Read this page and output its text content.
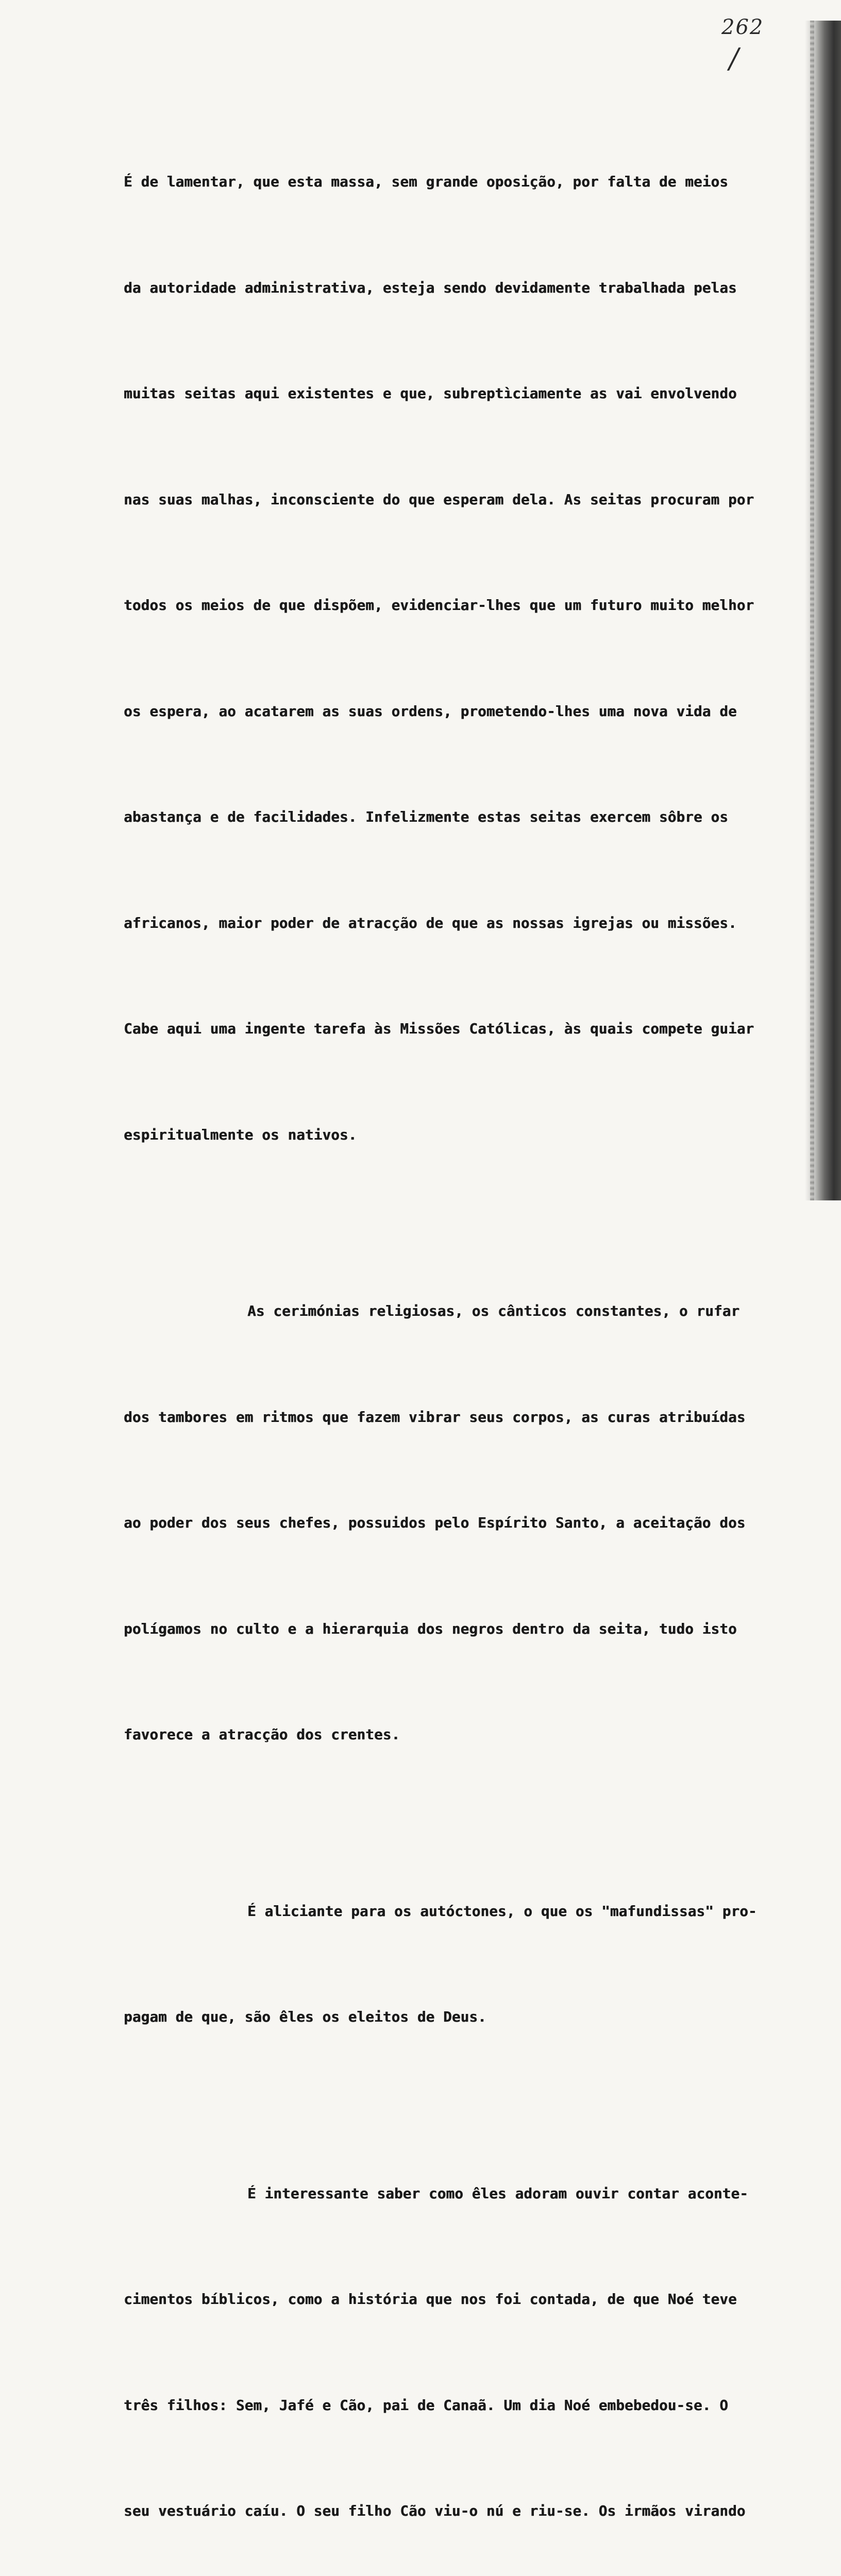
262
/

É de lamentar, que esta massa, sem grande oposição, por falta de meios

da autoridade administrativa, esteja sendo devidamente trabalhada pelas

muitas seitas aqui existentes e que, subreptìciamente as vai envolvendo

nas suas malhas, inconsciente do que esperam dela. As seitas procuram por

todos os meios de que dispõem, evidenciar-lhes que um futuro muito melhor

os espera, ao acatarem as suas ordens, prometendo-lhes uma nova vida de

abastança e de facilidades. Infelizmente estas seitas exercem sôbre os

africanos, maior poder de atracção de que as nossas igrejas ou missões.

Cabe aqui uma ingente tarefa às Missões Católicas, às quais compete guiar

espiritualmente os nativos.

As cerimónias religiosas, os cânticos constantes, o rufar

dos tambores em ritmos que fazem vibrar seus corpos, as curas atribuídas

ao poder dos seus chefes, possuidos pelo Espírito Santo, a aceitação dos

polígamos no culto e a hierarquia dos negros dentro da seita, tudo isto

favorece a atracção dos crentes.

É aliciante para os autóctones, o que os "mafundissas" pro-

pagam de que, são êles os eleitos de Deus.

É interessante saber como êles adoram ouvir contar aconte-

cimentos bíblicos, como a história que nos foi contada, de que Noé teve

três filhos: Sem, Jafé e Cão, pai de Canaã. Um dia Noé embebedou-se. O

seu vestuário caíu. O seu filho Cão viu-o nú e riu-se. Os irmãos virando
